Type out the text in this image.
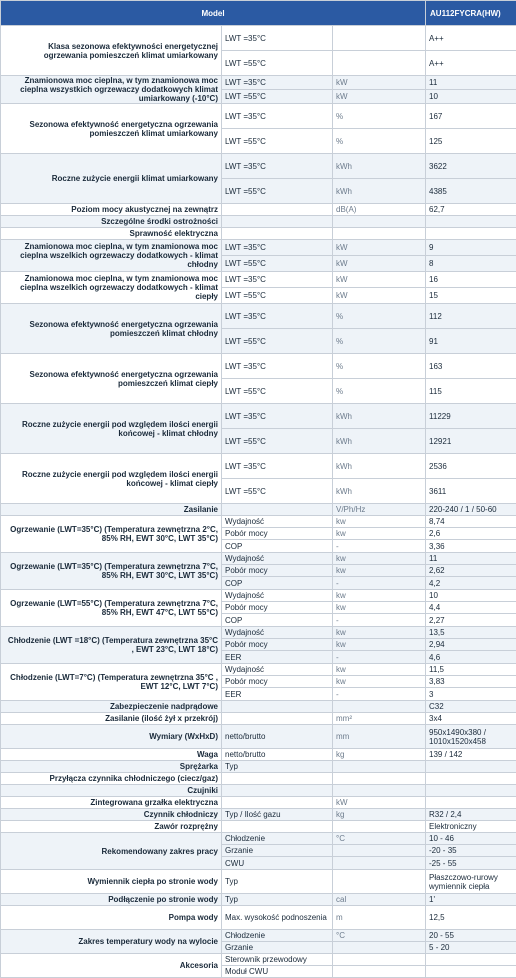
Model			AU112FYCRA(HW)
Klasa sezonowa efektywności energetycznej ogrzewania pomieszczeń klimat umiarkowany	LWT =35°C		A++
	LWT =55°C		A++
Znamionowa moc cieplna, w tym znamionowa moc cieplna wszystkich ogrzewaczy dodatkowych klimat umiarkowany (-10°C)	LWT =35°C	kW	11
	LWT =55°C	kW	10
Sezonowa efektywność energetyczna ogrzewania pomieszczeń klimat umiarkowany	LWT =35°C	%	167
	LWT =55°C	%	125
Roczne zużycie energii klimat umiarkowany	LWT =35°C	kWh	3622
	LWT =55°C	kWh	4385
Poziom mocy akustycznej na zewnątrz		dB(A)	62,7
Szczególne środki ostrożności			
Sprawność elektryczna			
Znamionowa moc cieplna, w tym znamionowa moc cieplna wszelkich ogrzewaczy dodatkowych - klimat chłodny	LWT =35°C	kW	9
	LWT =55°C	kW	8
Znamionowa moc cieplna, w tym znamionowa moc cieplna wszelkich ogrzewaczy dodatkowych - klimat ciepły	LWT =35°C	kW	16
	LWT =55°C	kW	15
Sezonowa efektywność energetyczna ogrzewania pomieszczeń klimat chłodny	LWT =35°C	%	112
	LWT =55°C	%	91
Sezonowa efektywność energetyczna ogrzewania pomieszczeń klimat ciepły	LWT =35°C	%	163
	LWT =55°C	%	115
Roczne zużycie energii pod względem ilości energii końcowej - klimat chłodny	LWT =35°C	kWh	11229
	LWT =55°C	kWh	12921
Roczne zużycie energii pod względem ilości energii końcowej - klimat ciepły	LWT =35°C	kWh	2536
	LWT =55°C	kWh	3611
Zasilanie		V/Ph/Hz	220-240 / 1 / 50-60
Ogrzewanie (LWT=35°C) (Temperatura zewnętrzna 2°C, 85% RH, EWT 30°C, LWT 35°C)	Wydajność	kw	8,74
	Pobór mocy	kw	2,6
	COP	-	3,36
Ogrzewanie (LWT=35°C) (Temperatura zewnętrzna 7°C, 85% RH, EWT 30°C, LWT 35°C)	Wydajność	kw	11
	Pobór mocy	kw	2,62
	COP	-	4,2
Ogrzewanie (LWT=55°C) (Temperatura zewnętrzna 7°C, 85% RH, EWT 47°C, LWT 55°C)	Wydajność	kw	10
	Pobór mocy	kw	4,4
	COP	-	2,27
Chłodzenie (LWT =18°C) (Temperatura zewnętrzna 35°C , EWT 23°C, LWT 18°C)	Wydajność	kw	13,5
	Pobór mocy	kw	2,94
	EER	-	4,6
Chłodzenie (LWT=7°C) (Temperatura zewnętrzna 35°C , EWT 12°C, LWT 7°C)	Wydajność	kw	11,5
	Pobór mocy	kw	3,83
	EER	-	3
Zabezpieczenie nadprądowe			C32
Zasilanie (ilość żył x przekrój)		mm²	3x4
Wymiary (WxHxD)	netto/brutto	mm	950x1490x380 / 1010x1520x458
Waga	netto/brutto	kg	139 / 142
Sprężarka	Typ		
Przyłącza czynnika chłodniczego (ciecz/gaz)			
Czujniki			
Zintegrowana grzałka elektryczna		kW	
Czynnik chłodniczy	Typ / Ilość gazu	kg	R32 / 2,4
Zawór rozprężny			Elektroniczny
Rekomendowany zakres pracy	Chłodzenie	°C	10 - 46
	Grzanie		-20 - 35
	CWU		-25 - 55
Wymiennik ciepła po stronie wody	Typ		Płaszczowo-rurowy wymiennik ciepła
Podłączenie po stronie wody	Typ	cal	1'
Pompa wody	Max. wysokość podnoszenia	m	12,5
Zakres temperatury wody na wylocie	Chłodzenie	°C	20 - 55
	Grzanie		5 - 20
Akcesoria	Sterownik przewodowy		
	Moduł CWU		
